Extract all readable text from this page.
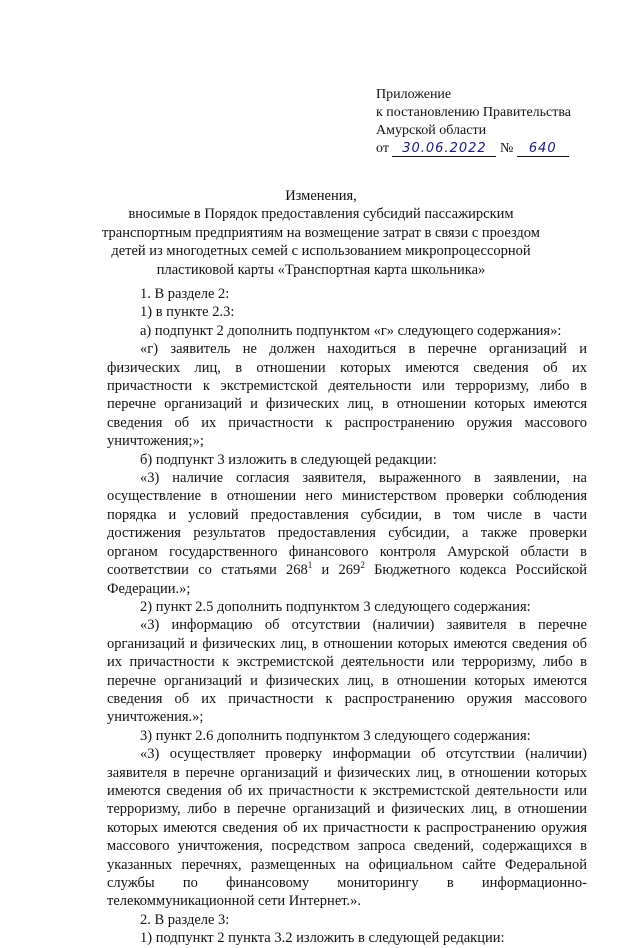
Приложение
к постановлению Правительства
Амурской области
от 30.06.2022 № 640
Изменения,
вносимые в Порядок предоставления субсидий пассажирским транспортным предприятиям на возмещение затрат в связи с проездом детей из многодетных семей с использованием микропроцессорной пластиковой карты «Транспортная карта школьника»

1. В разделе 2:

1) в пункте 2.3:

а) подпункт 2 дополнить подпунктом «г» следующего содержания»:

«г) заявитель не должен находиться в перечне организаций и физических лиц, в отношении которых имеются сведения об их причастности к экстремистской деятельности или терроризму, либо в перечне организаций и физических лиц, в отношении которых имеются сведения об их причастности к распространению оружия массового уничтожения;»;

б) подпункт 3 изложить в следующей редакции:

«3) наличие согласия заявителя, выраженного в заявлении, на осуществление в отношении него министерством проверки соблюдения порядка и условий предоставления субсидии, в том числе в части достижения результатов предоставления субсидии, а также проверки органом государственного финансового контроля Амурской области в соответствии со статьями $268^1$ и $269^2$ Бюджетного кодекса Российской Федерации.»;

2) пункт 2.5 дополнить подпунктом 3 следующего содержания:

«3) информацию об отсутствии (наличии) заявителя в перечне организаций и физических лиц, в отношении которых имеются сведения об их причастности к экстремистской деятельности или терроризму, либо в перечне организаций и физических лиц, в отношении которых имеются сведения об их причастности к распространению оружия массового уничтожения.»;

3) пункт 2.6 дополнить подпунктом 3 следующего содержания:

«3) осуществляет проверку информации об отсутствии (наличии) заявителя в перечне организаций и физических лиц, в отношении которых имеются сведения об их причастности к экстремистской деятельности или терроризму, либо в перечне организаций и физических лиц, в отношении которых имеются сведения об их причастности к распространению оружия массового уничтожения, посредством запроса сведений, содержащихся в указанных перечнях, размещенных на официальном сайте Федеральной службы по финансовому мониторингу в информационно-телекоммуникационной сети Интернет.».

2. В разделе 3:

1) подпункт 2 пункта 3.2 изложить в следующей редакции:
